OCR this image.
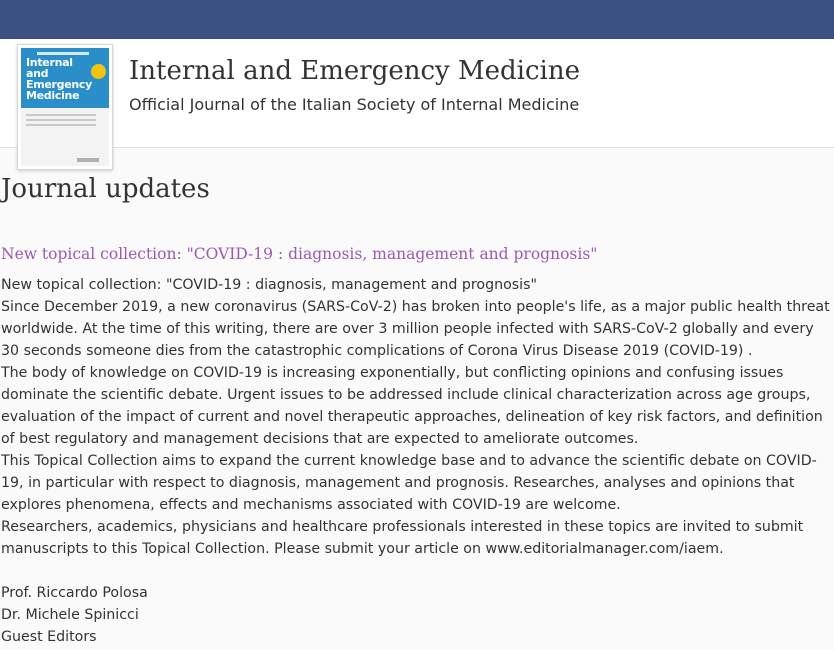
Internal
and
Emergency
Medicine
Internal and Emergency Medicine
Official Journal of the Italian Society of Internal Medicine
Journal updates
New topical collection: "COVID-19 : diagnosis, management and prognosis"
New topical collection: "COVID-19 : diagnosis, management and prognosis"
Since December 2019, a new coronavirus (SARS-CoV-2) has broken into people's life, as a major public health threat
worldwide. At the time of this writing, there are over 3 million people infected with SARS-CoV-2 globally and every
30 seconds someone dies from the catastrophic complications of Corona Virus Disease 2019 (COVID-19) .
The body of knowledge on COVID-19 is increasing exponentially, but conflicting opinions and confusing issues
dominate the scientific debate. Urgent issues to be addressed include clinical characterization across age groups,
evaluation of the impact of current and novel therapeutic approaches, delineation of key risk factors, and definition
of best regulatory and management decisions that are expected to ameliorate outcomes.
This Topical Collection aims to expand the current knowledge base and to advance the scientific debate on COVID-
19, in particular with respect to diagnosis, management and prognosis. Researches, analyses and opinions that
explores phenomena, effects and mechanisms associated with COVID-19 are welcome.
Researchers, academics, physicians and healthcare professionals interested in these topics are invited to submit
manuscripts to this Topical Collection. Please submit your article on www.editorialmanager.com/iaem.
Prof. Riccardo Polosa
Dr. Michele Spinicci
Guest Editors
